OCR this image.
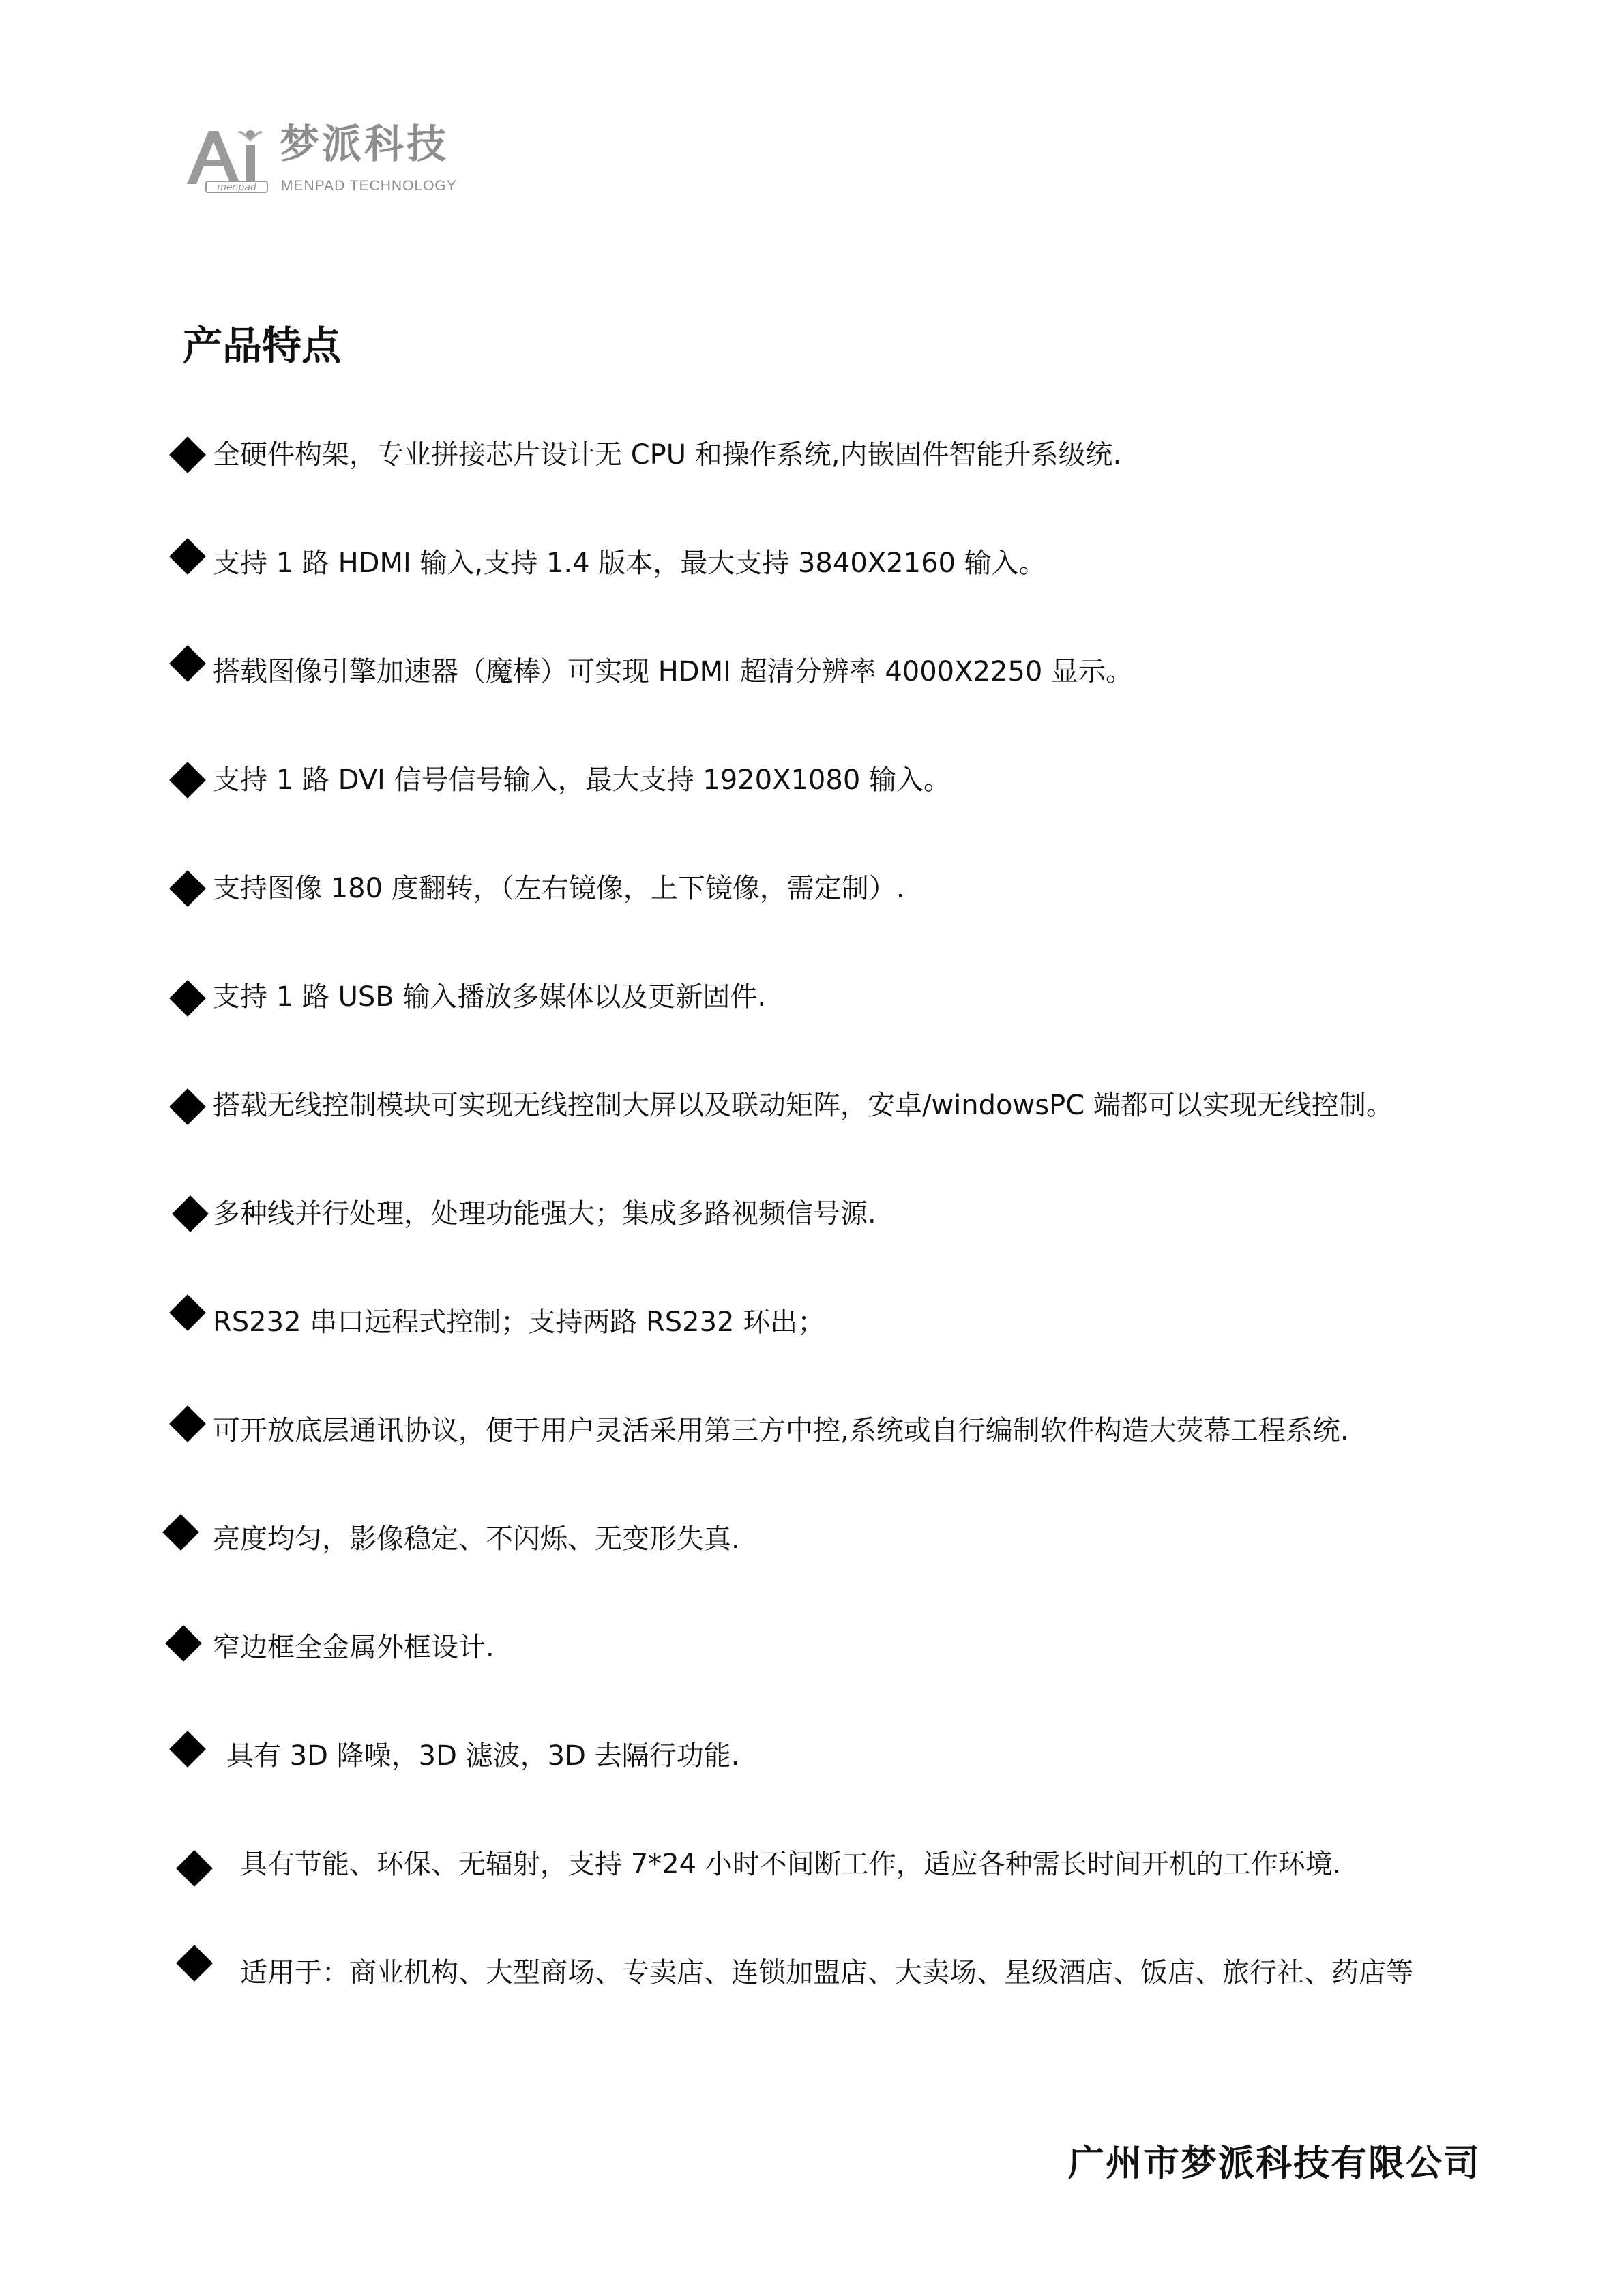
menpad
梦派科技
MENPAD TECHNOLOGY
产品特点
全硬件构架，专业拼接芯片设计无 CPU 和操作系统,内嵌固件智能升系级统.
支持 1 路 HDMI 输入,支持 1.4 版本，最大支持 3840X2160 输入。
搭载图像引擎加速器（魔棒）可实现 HDMI 超清分辨率 4000X2250 显示。
支持 1 路 DVI 信号信号输入，最大支持 1920X1080 输入。
支持图像 180 度翻转，（左右镜像，上下镜像，需定制）.
支持 1 路 USB 输入播放多媒体以及更新固件.
搭载无线控制模块可实现无线控制大屏以及联动矩阵，安卓/windowsPC 端都可以实现无线控制。
多种线并行处理，处理功能强大；集成多路视频信号源.
RS232 串口远程式控制；支持两路 RS232 环出；
可开放底层通讯协议，便于用户灵活采用第三方中控,系统或自行编制软件构造大荧幕工程系统.
亮度均匀，影像稳定、不闪烁、无变形失真.
窄边框全金属外框设计.
具有 3D 降噪，3D 滤波，3D 去隔行功能.
具有节能、环保、无辐射，支持 7*24 小时不间断工作，适应各种需长时间开机的工作环境.
适用于：商业机构、大型商场、专卖店、连锁加盟店、大卖场、星级酒店、饭店、旅行社、药店等
广州市梦派科技有限公司
